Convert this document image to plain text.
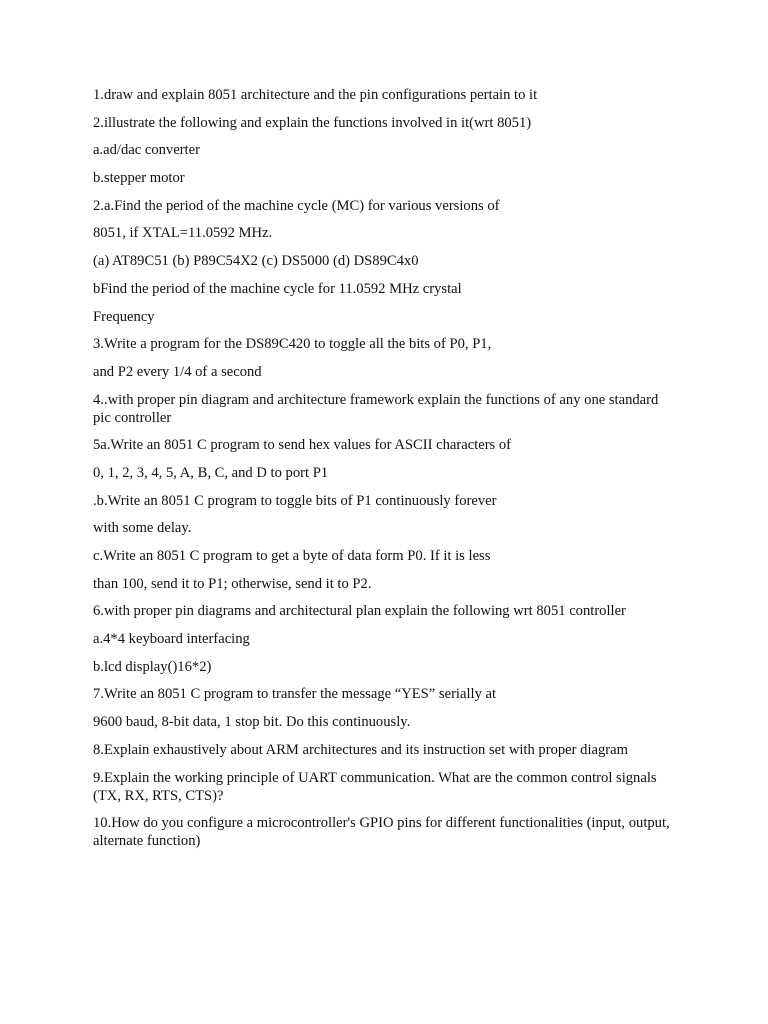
1.draw and explain 8051 architecture and the pin configurations pertain to it
2.illustrate the following and explain the functions involved in it(wrt 8051)
a.ad/dac converter
b.stepper motor
2.a.Find the period of the machine cycle (MC) for various versions of
8051, if XTAL=11.0592 MHz.
(a) AT89C51 (b) P89C54X2 (c) DS5000 (d) DS89C4x0
bFind the period of the machine cycle for 11.0592 MHz crystal
Frequency
3.Write a program for the DS89C420 to toggle all the bits of P0, P1,
and P2 every 1/4 of a second
4..with proper pin diagram and architecture framework explain the functions of any one standard pic controller
5a.Write an 8051 C program to send hex values for ASCII characters of
0, 1, 2, 3, 4, 5, A, B, C, and D to port P1
.b.Write an 8051 C program to toggle bits of P1 continuously forever
with some delay.
c.Write an 8051 C program to get a byte of data form P0. If it is less
than 100, send it to P1; otherwise, send it to P2.
6.with proper pin diagrams and architectural plan explain the following wrt 8051 controller
a.4*4 keyboard interfacing
b.lcd display()16*2)
7.Write an 8051 C program to transfer the message “YES” serially at
9600 baud, 8-bit data, 1 stop bit. Do this continuously.
8.Explain exhaustively about ARM architectures and its instruction set with proper diagram
9.Explain the working principle of UART communication. What are the common control signals (TX, RX, RTS, CTS)?
10.How do you configure a microcontroller's GPIO pins for different functionalities (input, output, alternate function)
